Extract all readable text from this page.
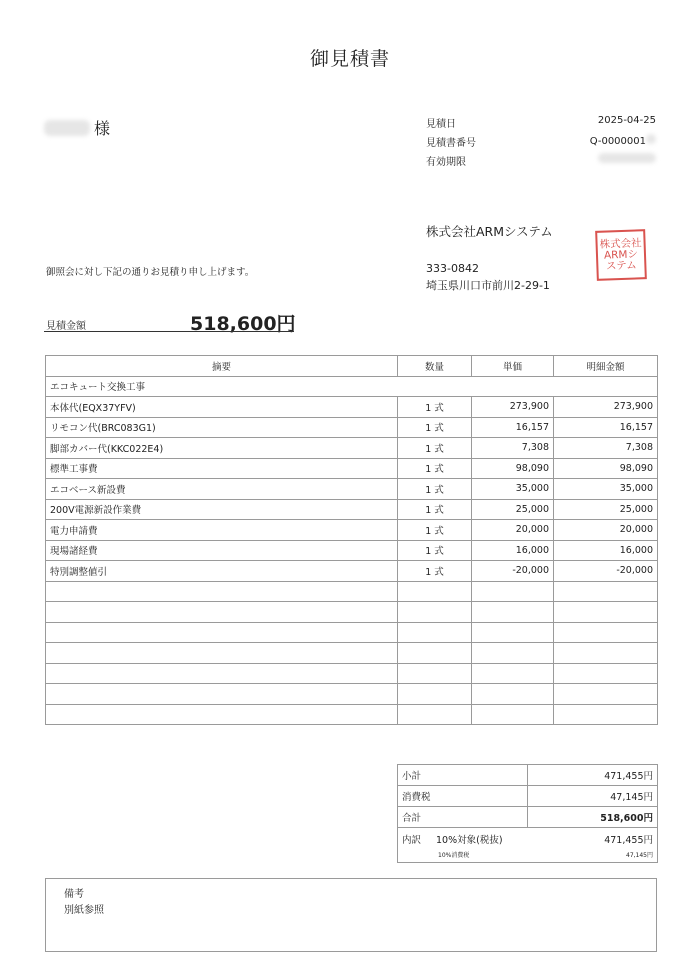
御見積書
様	見積日	2025-04-25
見積書番号	Q-0000001
有効期限
株式会社ARMシステム
株式会社ARMシステム
333-0842
埼玉県川口市前川2-29-1
御照会に対し下記の通りお見積り申し上げます。
見積金額	518,600円
摘要	数量	単価	明細金額
エコキュート交換工事			
本体代(EQX37YFV)	1 式	273,900	273,900
リモコン代(BRC083G1)	1 式	16,157	16,157
脚部カバー代(KKC022E4)	1 式	7,308	7,308
標準工事費	1 式	98,090	98,090
エコベース新設費	1 式	35,000	35,000
200V電源新設作業費	1 式	25,000	25,000
電力申請費	1 式	20,000	20,000
現場諸経費	1 式	16,000	16,000
特別調整値引	1 式	-20,000	-20,000

小計	471,455円
消費税	47,145円
合計	518,600円

内訳 10%対象(税抜) 471,455円
10%消費税 47,145円	
備考
別紙参照
